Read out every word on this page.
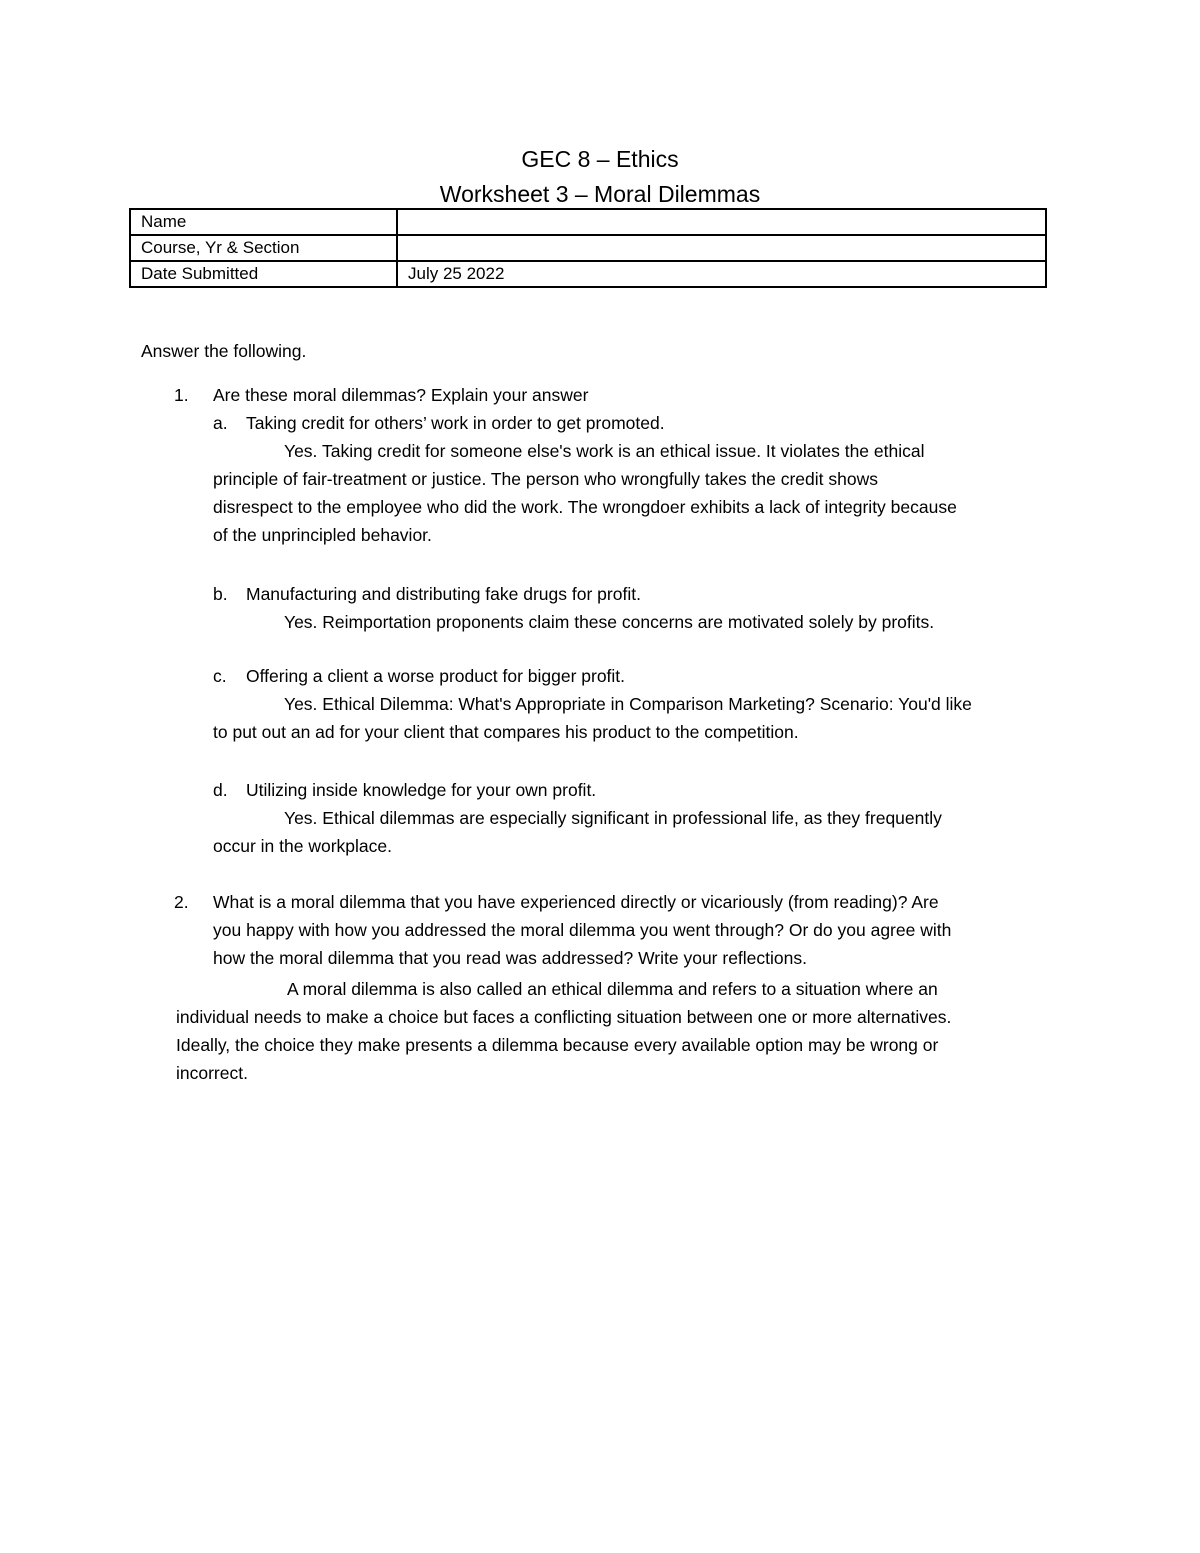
GEC 8 – Ethics
Worksheet 3 – Moral Dilemmas
Name	
Course, Yr & Section	
Date Submitted	July 25 2022
Answer the following.
1. Are these moral dilemmas? Explain your answer
a. Taking credit for others’ work in order to get promoted.
Yes. Taking credit for someone else's work is an ethical issue. It violates the ethical
principle of fair-treatment or justice. The person who wrongfully takes the credit shows
disrespect to the employee who did the work. The wrongdoer exhibits a lack of integrity because
of the unprincipled behavior.
b. Manufacturing and distributing fake drugs for profit.
Yes. Reimportation proponents claim these concerns are motivated solely by profits.
c. Offering a client a worse product for bigger profit.
Yes. Ethical Dilemma: What's Appropriate in Comparison Marketing? Scenario: You'd like
to put out an ad for your client that compares his product to the competition.
d. Utilizing inside knowledge for your own profit.
Yes. Ethical dilemmas are especially significant in professional life, as they frequently
occur in the workplace.
2. What is a moral dilemma that you have experienced directly or vicariously (from reading)? Are
you happy with how you addressed the moral dilemma you went through? Or do you agree with
how the moral dilemma that you read was addressed? Write your reflections.
A moral dilemma is also called an ethical dilemma and refers to a situation where an
individual needs to make a choice but faces a conflicting situation between one or more alternatives.
Ideally, the choice they make presents a dilemma because every available option may be wrong or
incorrect.
